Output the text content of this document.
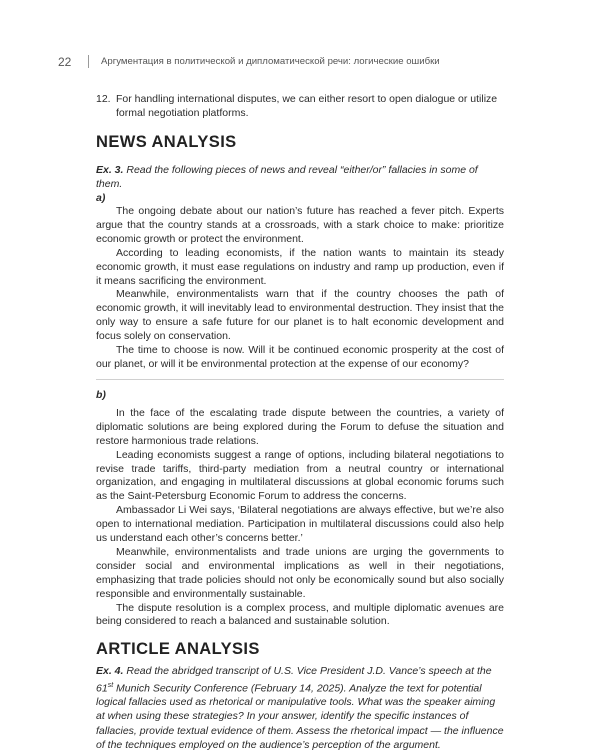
22	Аргументация в политической и дипломатической речи: логические ошибки
12. For handling international disputes, we can either resort to open dialogue or utilize formal negotiation platforms.
NEWS ANALYSIS

Ex. 3. Read the following pieces of news and reveal “either/or” fallacies in some of them.

a)

The ongoing debate about our nation’s future has reached a fever pitch. Experts argue that the country stands at a crossroads, with a stark choice to make: prioritize economic growth or protect the environment.

According to leading economists, if the nation wants to maintain its steady economic growth, it must ease regulations on industry and ramp up production, even if it means sacrificing the environment.

Meanwhile, environmentalists warn that if the country chooses the path of economic growth, it will inevitably lead to environmental destruction. They insist that the only way to ensure a safe future for our planet is to halt economic development and focus solely on conservation.

The time to choose is now. Will it be continued economic prosperity at the cost of our planet, or will it be environmental protection at the expense of our economy?

b)

In the face of the escalating trade dispute between the countries, a variety of diplomatic solutions are being explored during the Forum to defuse the situation and restore harmonious trade relations.

Leading economists suggest a range of options, including bilateral negotiations to revise trade tariffs, third-party mediation from a neutral country or international organization, and engaging in multilateral discussions at global economic forums such as the Saint-Petersburg Economic Forum to address the concerns.

Ambassador Li Wei says, ‘Bilateral negotiations are always effective, but we’re also open to international mediation. Participation in multilateral discussions could also help us understand each other’s concerns better.’

Meanwhile, environmentalists and trade unions are urging the governments to consider social and environmental implications as well in their negotiations, emphasizing that trade policies should not only be economically sound but also socially responsible and environmentally sustainable.

The dispute resolution is a complex process, and multiple diplomatic avenues are being considered to reach a balanced and sustainable solution.

ARTICLE ANALYSIS

Ex. 4. Read the abridged transcript of U.S. Vice President J.D. Vance’s speech at the 61st Munich Security Conference (February 14, 2025). Analyze the text for potential logical fallacies used as rhetorical or manipulative tools. What was the speaker aiming at when using these strategies? In your answer, identify the specific instances of fallacies, provide textual evidence of them. Assess the rhetorical impact — the influence of the techniques employed on the audience’s perception of the argument.
